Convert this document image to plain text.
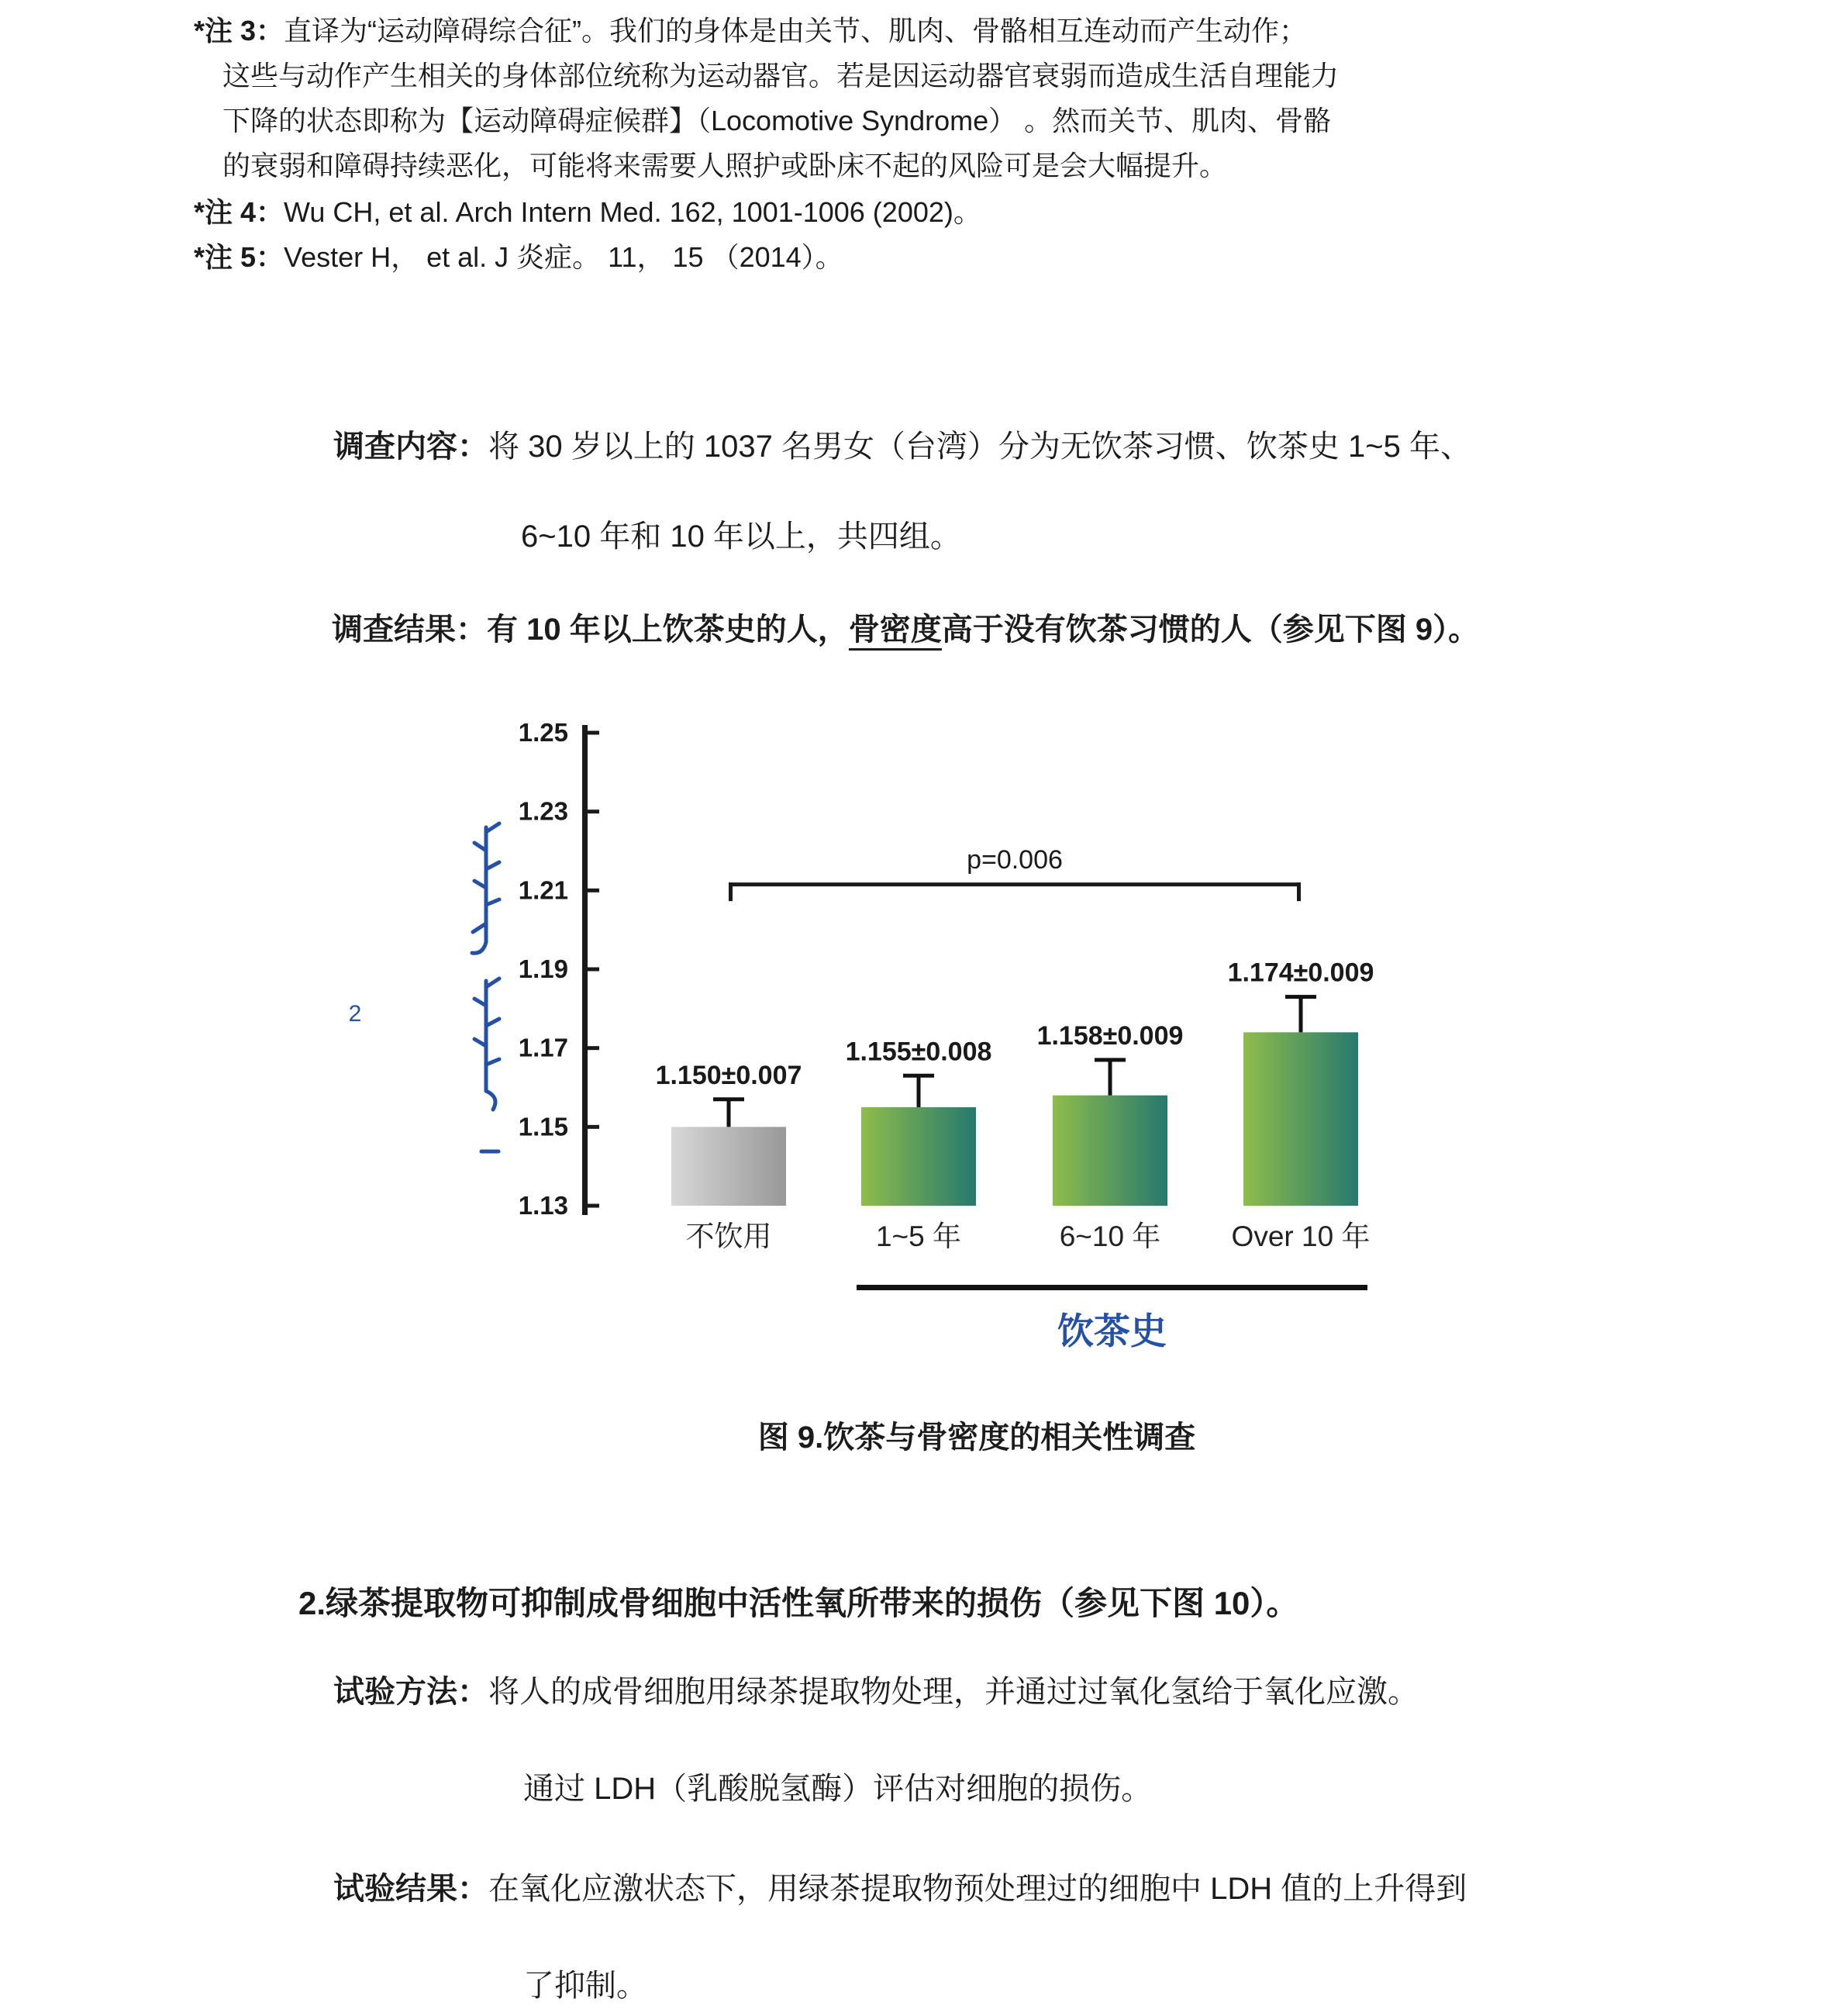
*注 3：直译为“运动障碍综合征”。我们的身体是由关节、肌肉、骨骼相互连动而产生动作；
这些与动作产生相关的身体部位统称为运动器官。若是因运动器官衰弱而造成生活自理能力
下降的状态即称为【运动障碍症候群】（Locomotive Syndrome） 。然而关节、肌肉、骨骼
的衰弱和障碍持续恶化，可能将来需要人照护或卧床不起的风险可是会大幅提升。
*注 4：Wu CH, et al. Arch Intern Med. 162, 1001-1006 (2002)。
*注 5：Vester H， et al. J 炎症。 11， 15 （2014）。
调查内容：将 30 岁以上的 1037 名男女（台湾）分为无饮茶习惯、饮茶史 1~5 年、
6~10 年和 10 年以上，共四组。
调查结果：有 10 年以上饮茶史的人，骨密度高于没有饮茶习惯的人（参见下图 9）。
2
1.13
1.15
1.17
1.19
1.21
1.23
1.25
1.150±0.007
不饮用
1.155±0.008
1~5 年
1.158±0.009
6~10 年
1.174±0.009
Over 10 年
p=0.006
饮茶史
图 9.饮茶与骨密度的相关性调查
2.绿茶提取物可抑制成骨细胞中活性氧所带来的损伤（参见下图 10）。
试验方法：将人的成骨细胞用绿茶提取物处理，并通过过氧化氢给于氧化应激。
通过 LDH（乳酸脱氢酶）评估对细胞的损伤。
试验结果：在氧化应激状态下，用绿茶提取物预处理过的细胞中 LDH 值的上升得到
了抑制。
